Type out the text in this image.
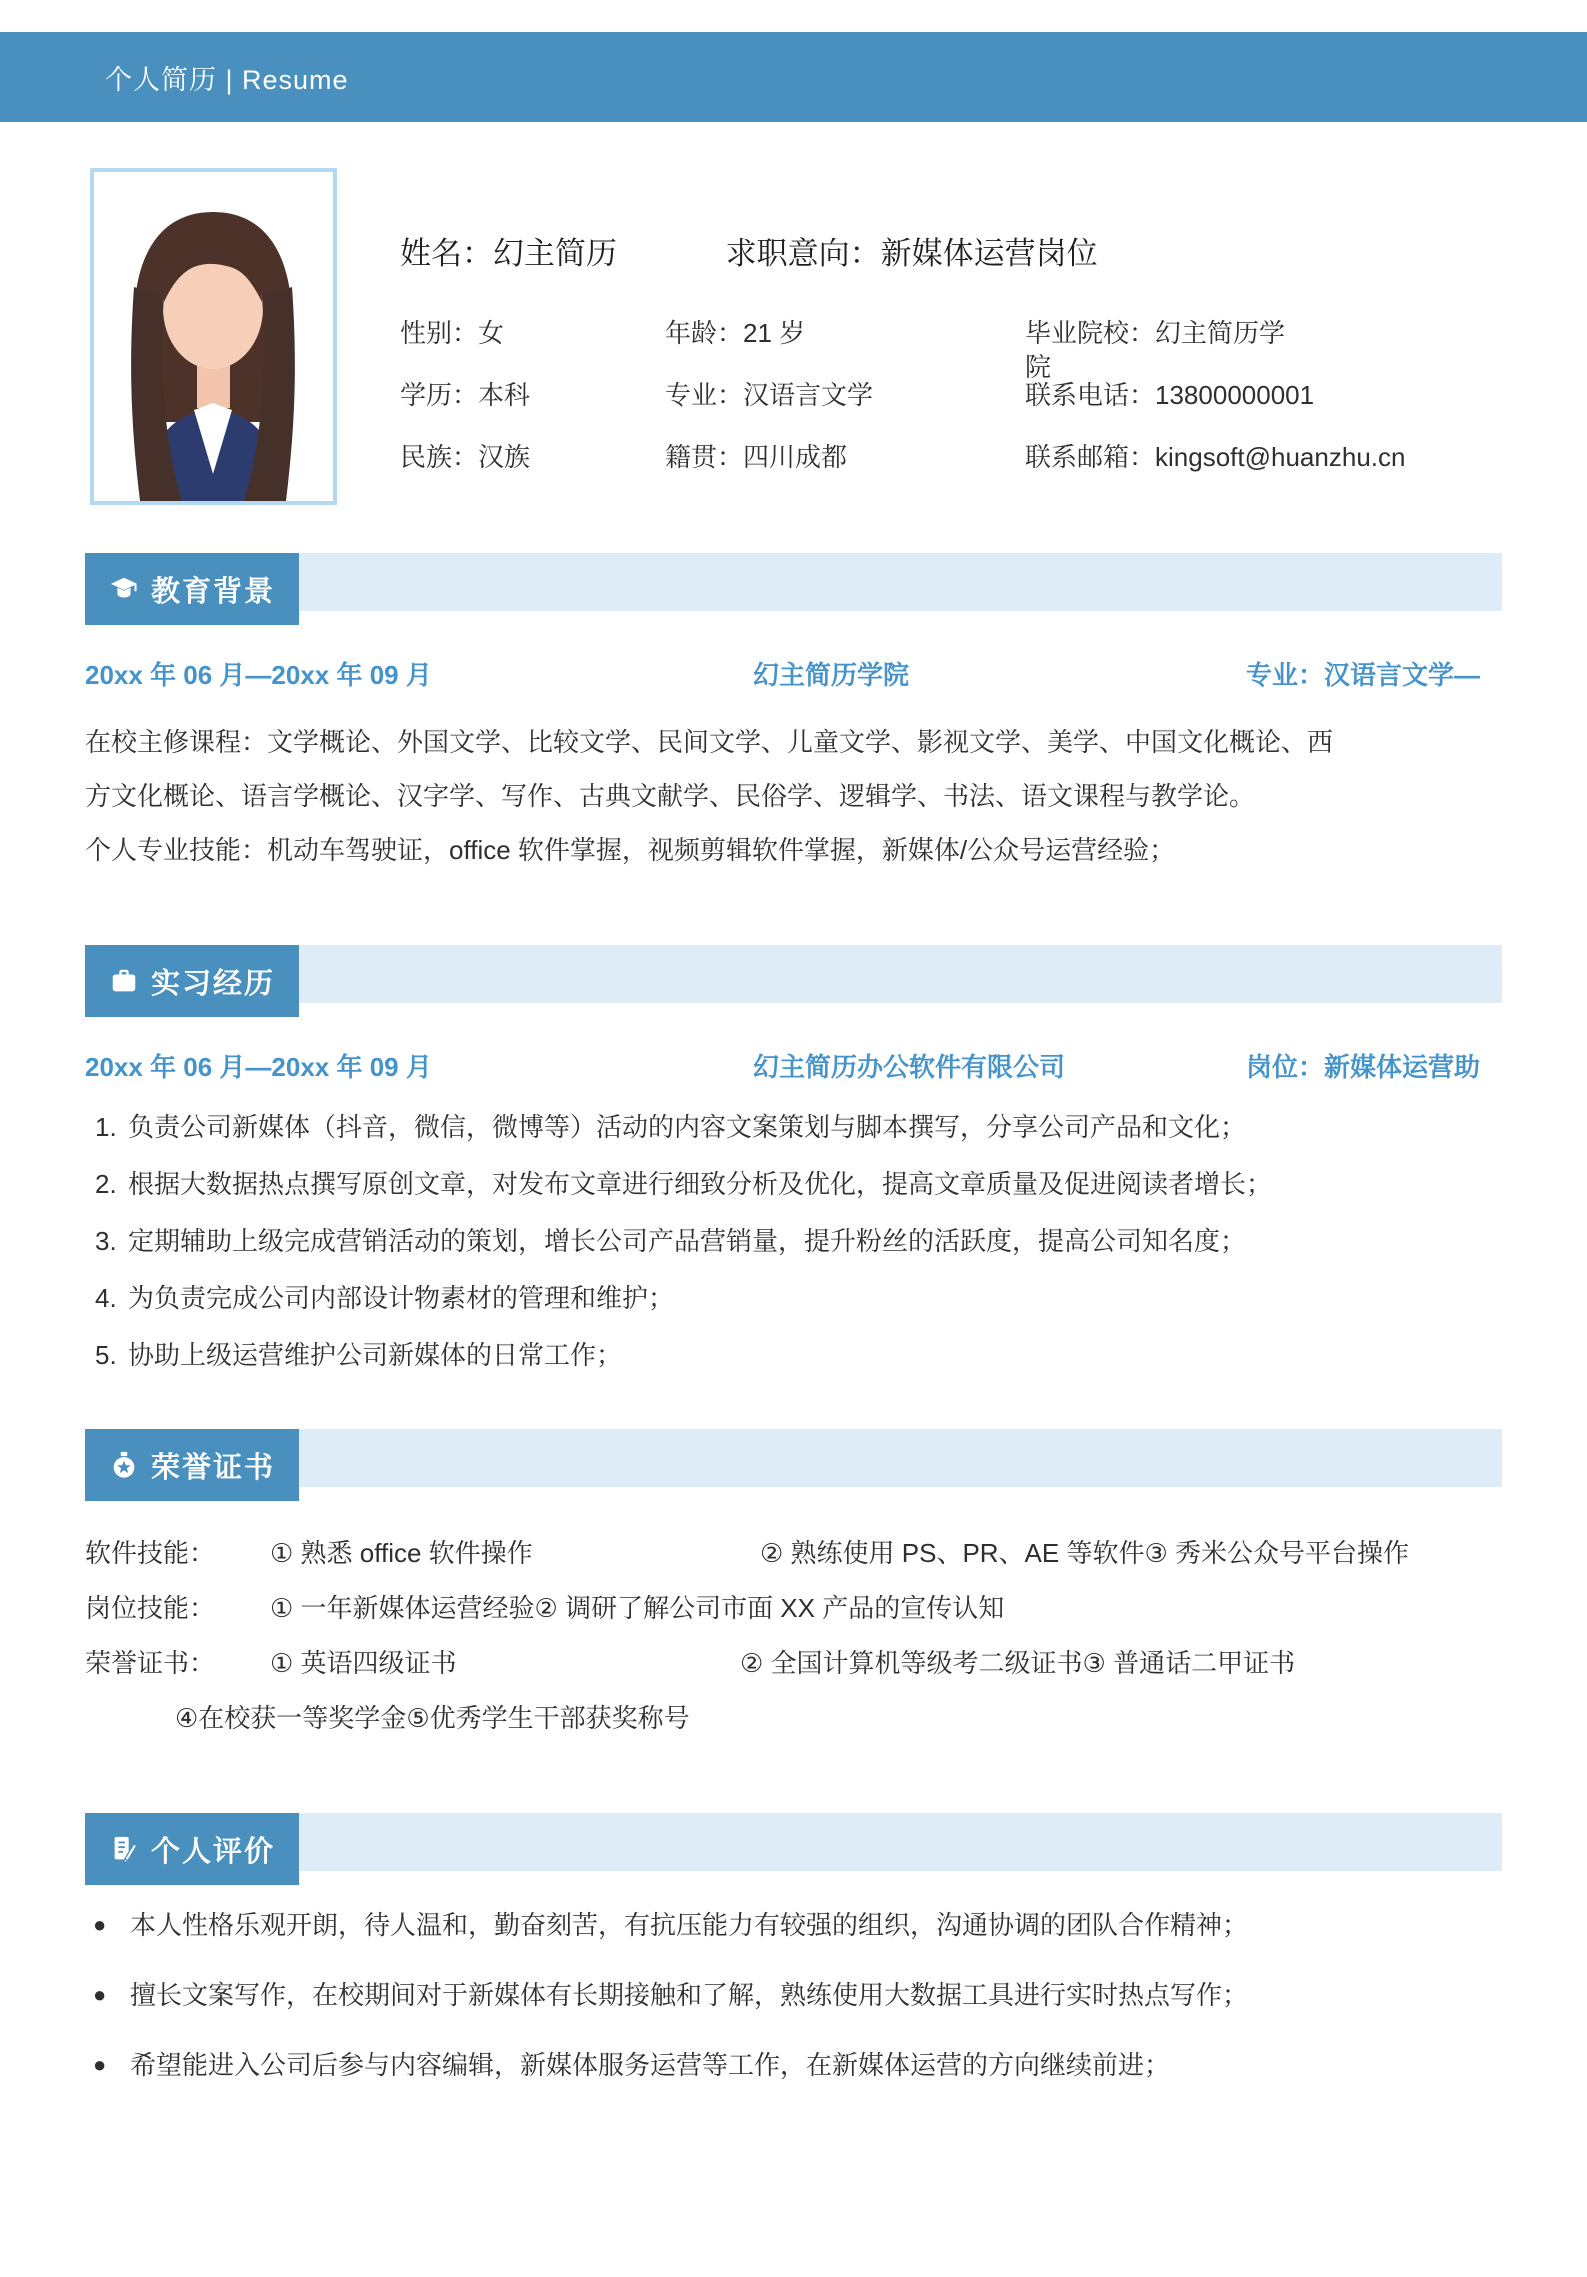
个人简历 | Resume
姓名：幻主简历	求职意向：新媒体运营岗位
性别：女	年龄：21 岁	毕业院校：幻主简历学院
学历：本科	专业：汉语言文学	联系电话：13800000001
民族：汉族	籍贯：四川成都	联系邮箱：kingsoft@huanzhu.cn
教育背景
20xx 年 06 月—20xx 年 09 月	幻主简历学院	专业：汉语言文学—

在校主修课程：文学概论、外国文学、比较文学、民间文学、儿童文学、影视文学、美学、中国文化概论、西方文化概论、语言学概论、汉字学、写作、古典文献学、民俗学、逻辑学、书法、语文课程与教学论。

个人专业技能：机动车驾驶证，office 软件掌握，视频剪辑软件掌握，新媒体/公众号运营经验；

实习经历
20xx 年 06 月—20xx 年 09 月	幻主简历办公软件有限公司	岗位：新媒体运营助
1. 负责公司新媒体（抖音，微信，微博等）活动的内容文案策划与脚本撰写，分享公司产品和文化；
2. 根据大数据热点撰写原创文章，对发布文章进行细致分析及优化，提高文章质量及促进阅读者增长；
3. 定期辅助上级完成营销活动的策划，增长公司产品营销量，提升粉丝的活跃度，提高公司知名度；
4. 为负责完成公司内部设计物素材的管理和维护；
5. 协助上级运营维护公司新媒体的日常工作；
荣誉证书
软件技能：	① 熟悉 office 软件操作	② 熟练使用 PS、PR、AE 等软件 ③ 秀米公众号平台操作
岗位技能：	① 一年新媒体运营经验 ② 调研了解公司市面 XX 产品的宣传认知
荣誉证书：	① 英语四级证书	② 全国计算机等级考二级证书 ③ 普通话二甲证书
④在校获一等奖学金 ⑤优秀学生干部获奖称号
个人评价
● 本人性格乐观开朗，待人温和，勤奋刻苦，有抗压能力有较强的组织，沟通协调的团队合作精神；
● 擅长文案写作，在校期间对于新媒体有长期接触和了解，熟练使用大数据工具进行实时热点写作；
● 希望能进入公司后参与内容编辑，新媒体服务运营等工作，在新媒体运营的方向继续前进；
